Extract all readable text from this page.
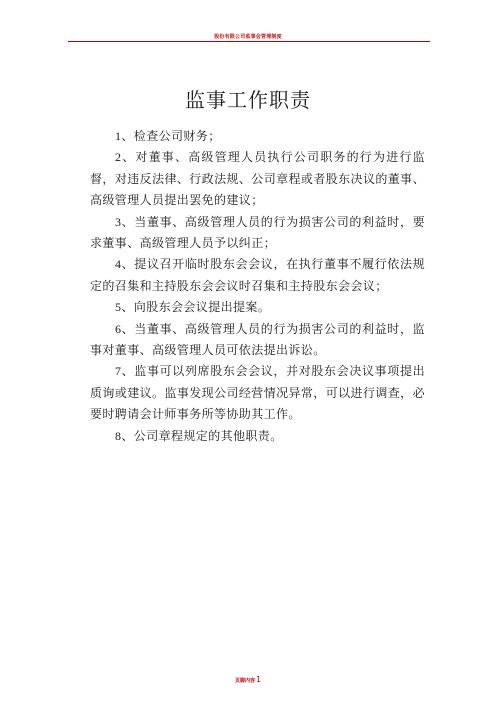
股份有限公司监事会管理制度
监事工作职责

1、检查公司财务；

2、对董事、高级管理人员执行公司职务的行为进行监督，对违反法律、行政法规、公司章程或者股东决议的董事、高级管理人员提出罢免的建议；

3、当董事、高级管理人员的行为损害公司的利益时，要求董事、高级管理人员予以纠正；

4、提议召开临时股东会会议，在执行董事不履行依法规定的召集和主持股东会会议时召集和主持股东会会议；

5、向股东会会议提出提案。

6、当董事、高级管理人员的行为损害公司的利益时，监事对董事、高级管理人员可依法提出诉讼。

7、监事可以列席股东会会议，并对股东会决议事项提出质询或建议。监事发现公司经营情况异常，可以进行调查，必要时聘请会计师事务所等协助其工作。

8、公司章程规定的其他职责。

页脚内容1
